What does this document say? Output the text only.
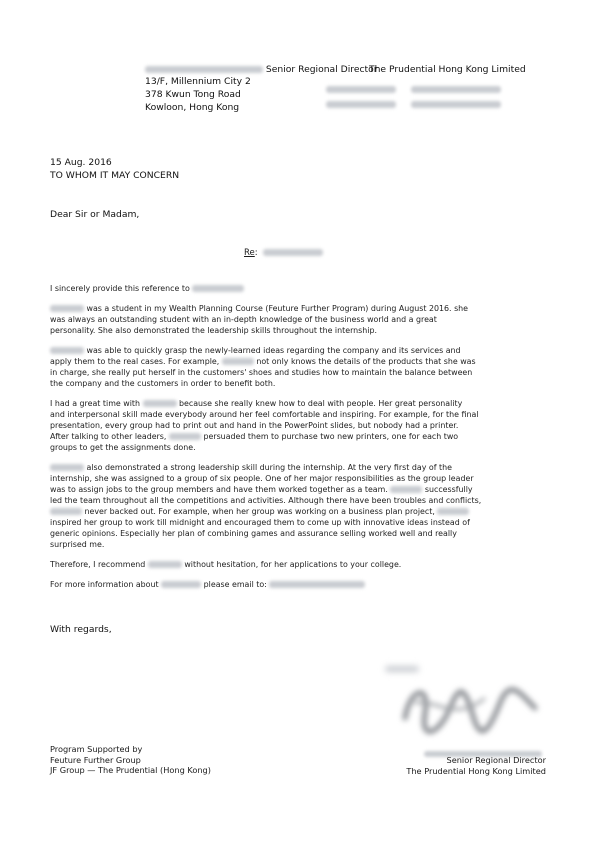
Senior Regional Director
The Prudential Hong Kong Limited
13/F, Millennium City 2
378 Kwun Tong Road
Kowloon, Hong Kong

15 Aug. 2016
TO WHOM IT MAY CONCERN
Dear Sir or Madam,
Re:
I sincerely provide this reference to
was a student in my Wealth Planning Course (Feuture Further Program) during August 2016. she
was always an outstanding student with an in-depth knowledge of the business world and a great
personality. She also demonstrated the leadership skills throughout the internship.
was able to quickly grasp the newly-learned ideas regarding the company and its services and
apply them to the real cases. For example,	not only knows the details of the products that she was
in charge, she really put herself in the customers' shoes and studies how to maintain the balance between
the company and the customers in order to benefit both.
I had a great time with	because she really knew how to deal with people. Her great personality
and interpersonal skill made everybody around her feel comfortable and inspiring. For example, for the final
presentation, every group had to print out and hand in the PowerPoint slides, but nobody had a printer.
After talking to other leaders,	persuaded them to purchase two new printers, one for each two
groups to get the assignments done.
also demonstrated a strong leadership skill during the internship. At the very first day of the
internship, she was assigned to a group of six people. One of her major responsibilities as the group leader
was to assign jobs to the group members and have them worked together as a team.	successfully
led the team throughout all the competitions and activities. Although there have been troubles and conflicts,
never backed out. For example, when her group was working on a business plan project,
inspired her group to work till midnight and encouraged them to come up with innovative ideas instead of
generic opinions. Especially her plan of combining games and assurance selling worked well and really
surprised me.
Therefore, I recommend	without hesitation, for her applications to your college.
For more information about	please email to:
With regards,
Program Supported by
Feuture Further Group
JF Group — The Prudential (Hong Kong)
Senior Regional Director
The Prudential Hong Kong Limited
